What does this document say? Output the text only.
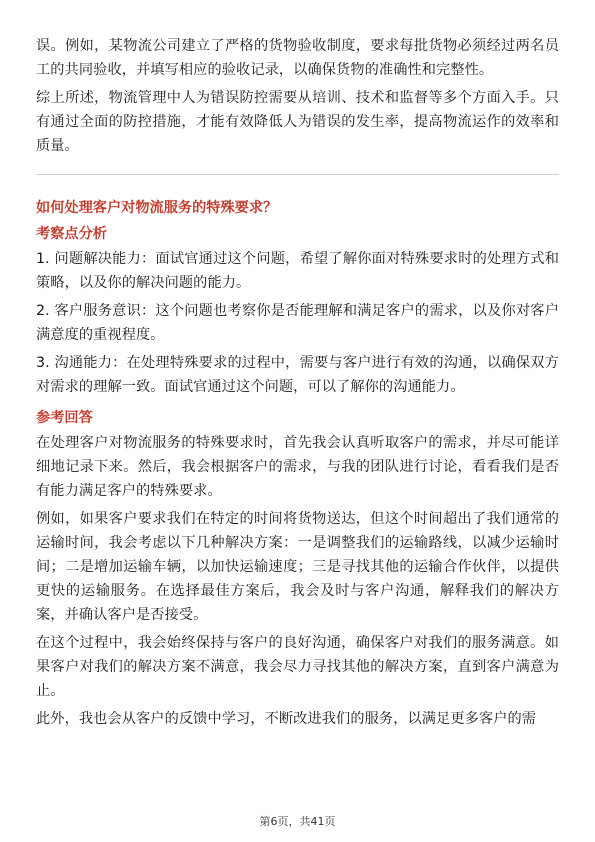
误。例如，某物流公司建立了严格的货物验收制度，要求每批货物必须经过两名员工的共同验收，并填写相应的验收记录，以确保货物的准确性和完整性。

综上所述，物流管理中人为错误防控需要从培训、技术和监督等多个方面入手。只有通过全面的防控措施，才能有效降低人为错误的发生率，提高物流运作的效率和质量。

如何处理客户对物流服务的特殊要求？
考察点分析

1. 问题解决能力：面试官通过这个问题，希望了解你面对特殊要求时的处理方式和策略，以及你的解决问题的能力。

2. 客户服务意识：这个问题也考察你是否能理解和满足客户的需求，以及你对客户满意度的重视程度。

3. 沟通能力：在处理特殊要求的过程中，需要与客户进行有效的沟通，以确保双方对需求的理解一致。面试官通过这个问题，可以了解你的沟通能力。

参考回答

在处理客户对物流服务的特殊要求时，首先我会认真听取客户的需求，并尽可能详细地记录下来。然后，我会根据客户的需求，与我的团队进行讨论，看看我们是否有能力满足客户的特殊要求。

例如，如果客户要求我们在特定的时间将货物送达，但这个时间超出了我们通常的运输时间，我会考虑以下几种解决方案：一是调整我们的运输路线，以减少运输时间；二是增加运输车辆，以加快运输速度；三是寻找其他的运输合作伙伴，以提供更快的运输服务。在选择最佳方案后，我会及时与客户沟通，解释我们的解决方案，并确认客户是否接受。

在这个过程中，我会始终保持与客户的良好沟通，确保客户对我们的服务满意。如果客户对我们的解决方案不满意，我会尽力寻找其他的解决方案，直到客户满意为止。

此外，我也会从客户的反馈中学习，不断改进我们的服务，以满足更多客户的需

第6页，共41页
